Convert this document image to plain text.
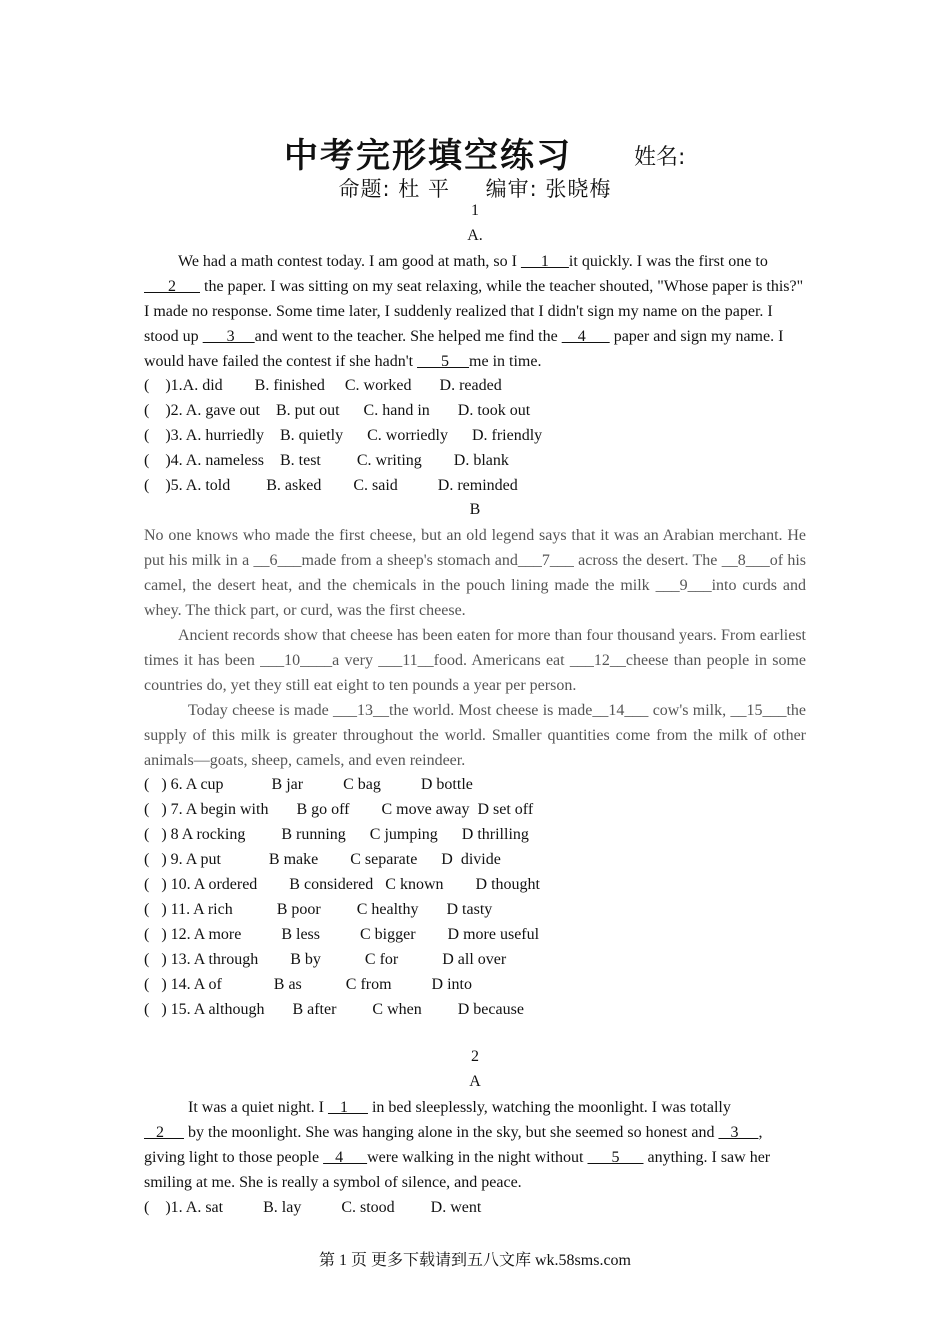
中考完形填空练习	姓名:
命题: 杜 平 编审: 张晓梅
1
A.
We had a math contest today. I am good at math, so I      1     it quickly. I was the first one to       2       the paper. I was sitting on my seat relaxing, while the teacher shouted, "Whose paper is this?" I made no response. Some time later, I suddenly realized that I didn't sign my name on the paper. I stood up       3     and went to the teacher. She helped me find the     4       paper and sign my name. I would have failed the contest if she hadn't       5     me in time.
(    )1.A. did        B. finished     C. worked       D. readed
(    )2. A. gave out    B. put out      C. hand in       D. took out
(    )3. A. hurriedly    B. quietly      C. worriedly      D. friendly
(    )4. A. nameless    B. test         C. writing        D. blank
(    )5. A. told         B. asked        C. said          D. reminded
B
No one knows who made the first cheese, but an old legend says that it was an Arabian merchant. He put his milk in a __6___made from a sheep's stomach and___7___ across the desert. The __8___of his camel, the desert heat, and the chemicals in the pouch lining made the milk ___9___into curds and whey. The thick part, or curd, was the first cheese.
Ancient records show that cheese has been eaten for more than four thousand years. From earliest times it has been ___10____a very ___11__food. Americans eat ___12__cheese than people in some countries do, yet they still eat eight to ten pounds a year per person.
Today cheese is made ___13__the world. Most cheese is made__14___ cow's milk, __15___the supply of this milk is greater throughout the world. Smaller quantities come from the milk of other animals—goats, sheep, camels, and even reindeer.
(   ) 6. A cup            B jar          C bag          D bottle
(   ) 7. A begin with       B go off        C move away  D set off
(   ) 8 A rocking         B running      C jumping      D thrilling
(   ) 9. A put            B make        C separate      D  divide
(   ) 10. A ordered        B considered   C known        D thought
(   ) 11. A rich           B poor         C healthy       D tasty
(   ) 12. A more          B less          C bigger        D more useful
(   ) 13. A through        B by           C for           D all over
(   ) 14. A of             B as           C from          D into
(   ) 15. A although       B after         C when         D because
2
A
It was a quiet night. I    1      in bed sleeplessly, watching the moonlight. I was totally    2      by the moonlight. She was hanging alone in the sky, but she seemed so honest and    3     , giving light to those people    4      were walking in the night without       5       anything. I saw her smiling at me. She is really a symbol of silence, and peace.
(    )1. A. sat          B. lay          C. stood         D. went
第 1 页 更多下载请到五八文库 wk.58sms.com
